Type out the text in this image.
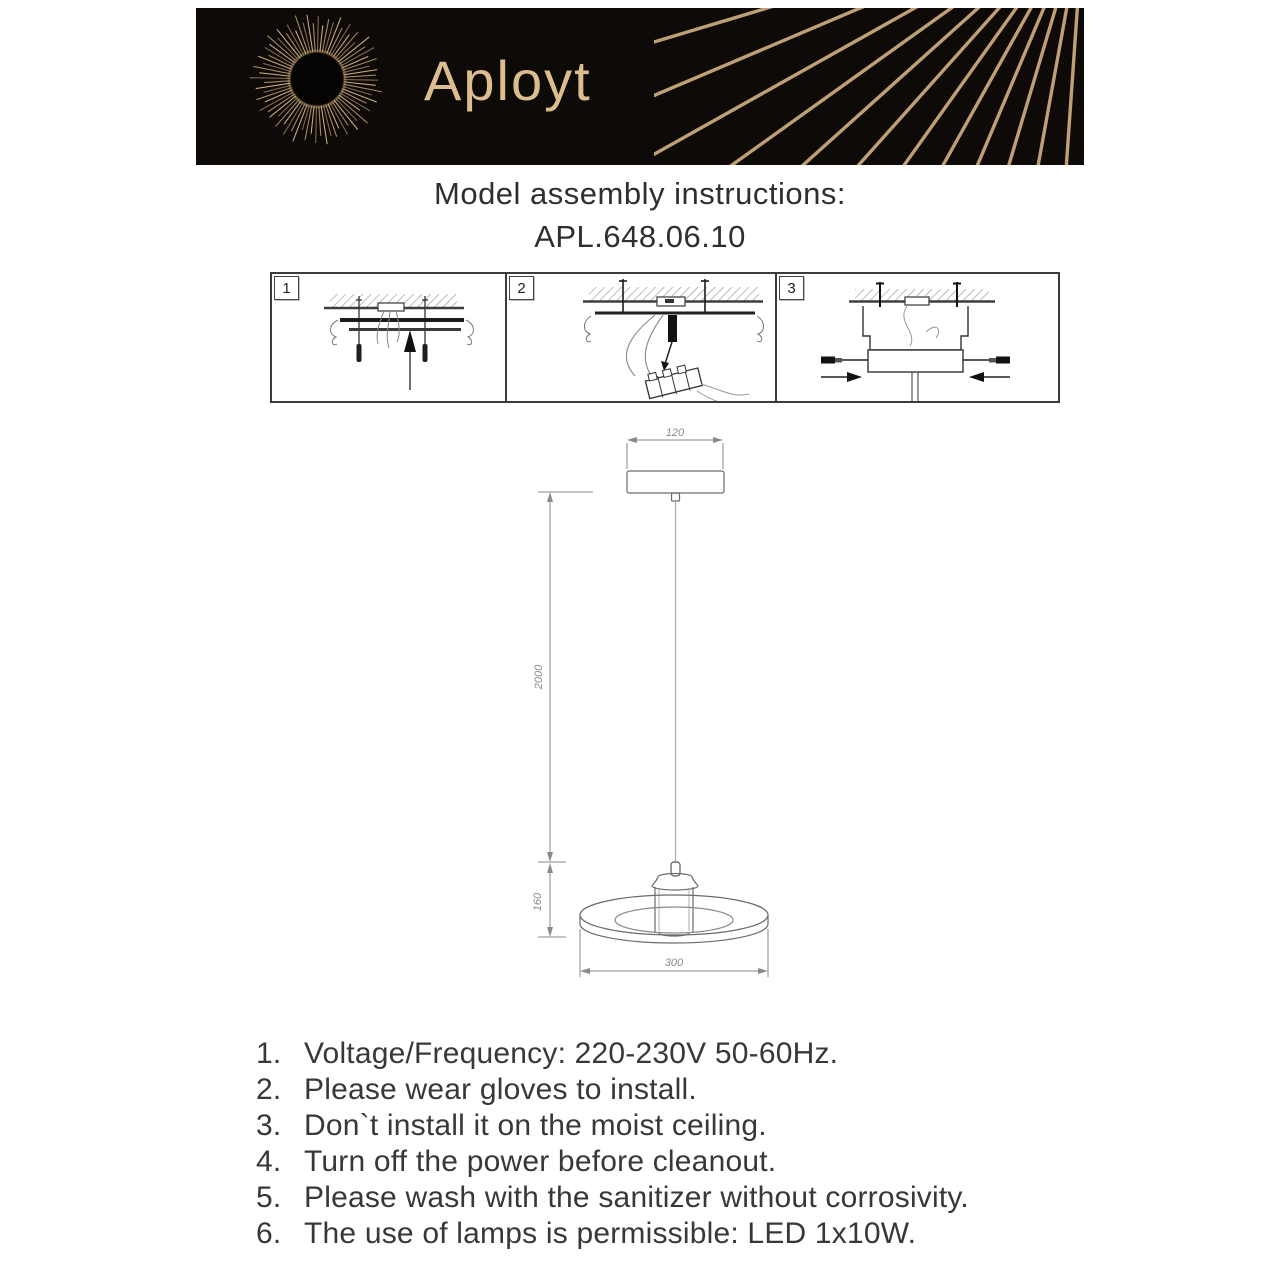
Aployt
Model assembly instructions:
APL.648.06.10
1	2	3
120
2000
160
300
1. Voltage/Frequency: 220-230V 50-60Hz.
2. Please wear gloves to install.
3. Don`t install it on the moist ceiling.
4. Turn off the power before cleanout.
5. Please wash with the sanitizer without corrosivity.
6. The use of lamps is permissible: LED 1x10W.
